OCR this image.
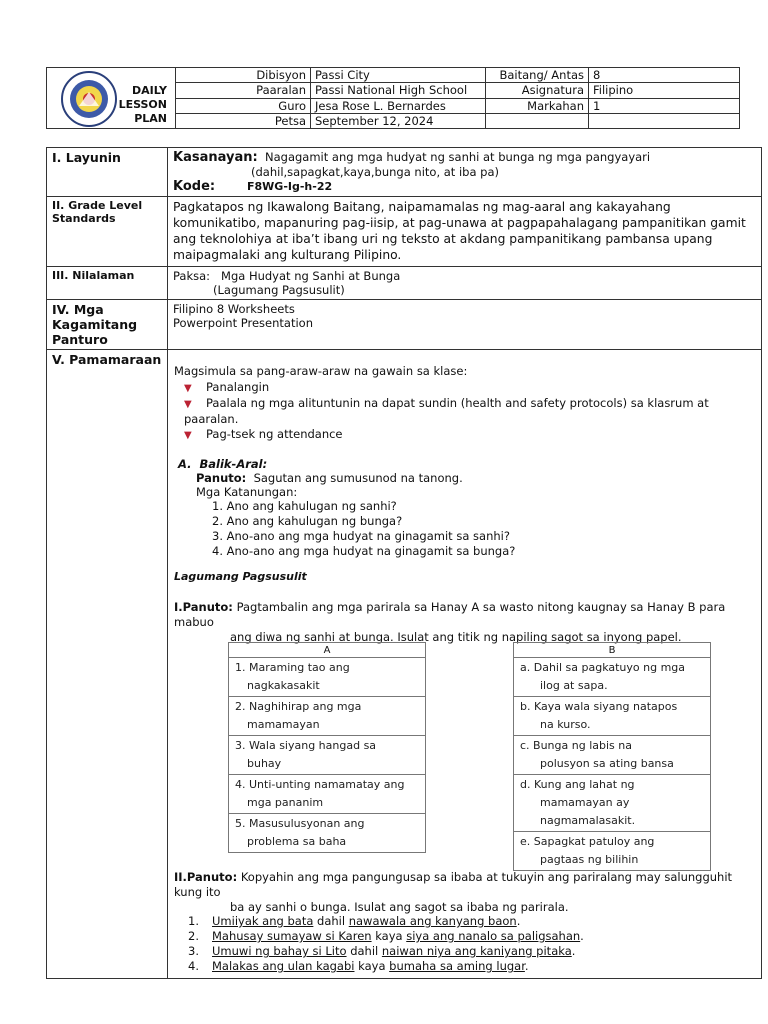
DAILY
LESSON
PLAN	Dibisyon	Passi City	Baitang/ Antas	8
	Paaralan	Passi National High School	Asignatura	Filipino
	Guro	Jesa Rose L. Bernardes	Markahan	1
	Petsa	September 12, 2024		
I. Layunin	Kasanayan: Nagagamit ang mga hudyat ng sanhi at bunga ng mga pangyayari
(dahil,sapagkat,kaya,bunga nito, at iba pa)
Kode:	F8WG-Ig-h-22

II. Grade Level Standards	Pagkatapos ng Ikawalong Baitang, naipamamalas ng mag-aaral ang kakayahang komunikatibo, mapanuring pag-iisip, at pag-unawa at pagpapahalagang pampanitikan gamit ang teknolohiya at iba’t ibang uri ng teksto at akdang pampanitikang pambansa upang maipagmalaki ang kulturang Pilipino.
III. Nilalaman	Paksa: Mga Hudyat ng Sanhi at Bunga
(Lagumang Pagsusulit)

IV. Mga Kagamitang Panturo	
Filipino 8 Worksheets
Powerpoint Presentation

V. Pamamaraan	
Magsimula sa pang-araw-araw na gawain sa klase:
▼ Panalangin
▼ Paalala ng mga alituntunin na dapat sundin (health and safety protocols) sa klasrum at paaralan.
▼ Pag-tsek ng attendance
A. Balik-Aral:
Panuto: Sagutan ang sumusunod na tanong.
Mga Katanungan:
1. Ano ang kahulugan ng sanhi?
2. Ano ang kahulugan ng bunga?
3. Ano-ano ang mga hudyat na ginagamit sa sanhi?
4. Ano-ano ang mga hudyat na ginagamit sa bunga?
Lagumang Pagsusulit
I.Panuto: Pagtambalin ang mga parirala sa Hanay A sa wasto nitong kaugnay sa Hanay B para mabuo
ang diwa ng sanhi at bunga. Isulat ang titik ng napiling sagot sa inyong papel.
A

1. Maraming tao ang
nagkakasakit

2. Naghihirap ang mga
mamamayan

3. Wala siyang hangad sa
buhay

4. Unti-unting namamatay ang
mga pananim

5. Masusulusyonan ang
problema sa baha
B

a. Dahil sa pagkatuyo ng mga
ilog at sapa.

b. Kaya wala siyang natapos
na kurso.

c. Bunga ng labis na
polusyon sa ating bansa

d. Kung ang lahat ng
mamamayan ay
nagmamalasakit.

e. Sapagkat patuloy ang
pagtaas ng bilihin
II.Panuto: Kopyahin ang mga pangungusap sa ibaba at tukuyin ang pariralang may salungguhit kung ito
ba ay sanhi o bunga. Isulat ang sagot sa ibaba ng parirala.
1. Umiiyak ang bata dahil nawawala ang kanyang baon.
2. Mahusay sumayaw si Karen kaya siya ang nanalo sa paligsahan.
3. Umuwi ng bahay si Lito dahil naiwan niya ang kaniyang pitaka.
4. Malakas ang ulan kagabi kaya bumaha sa aming lugar.
